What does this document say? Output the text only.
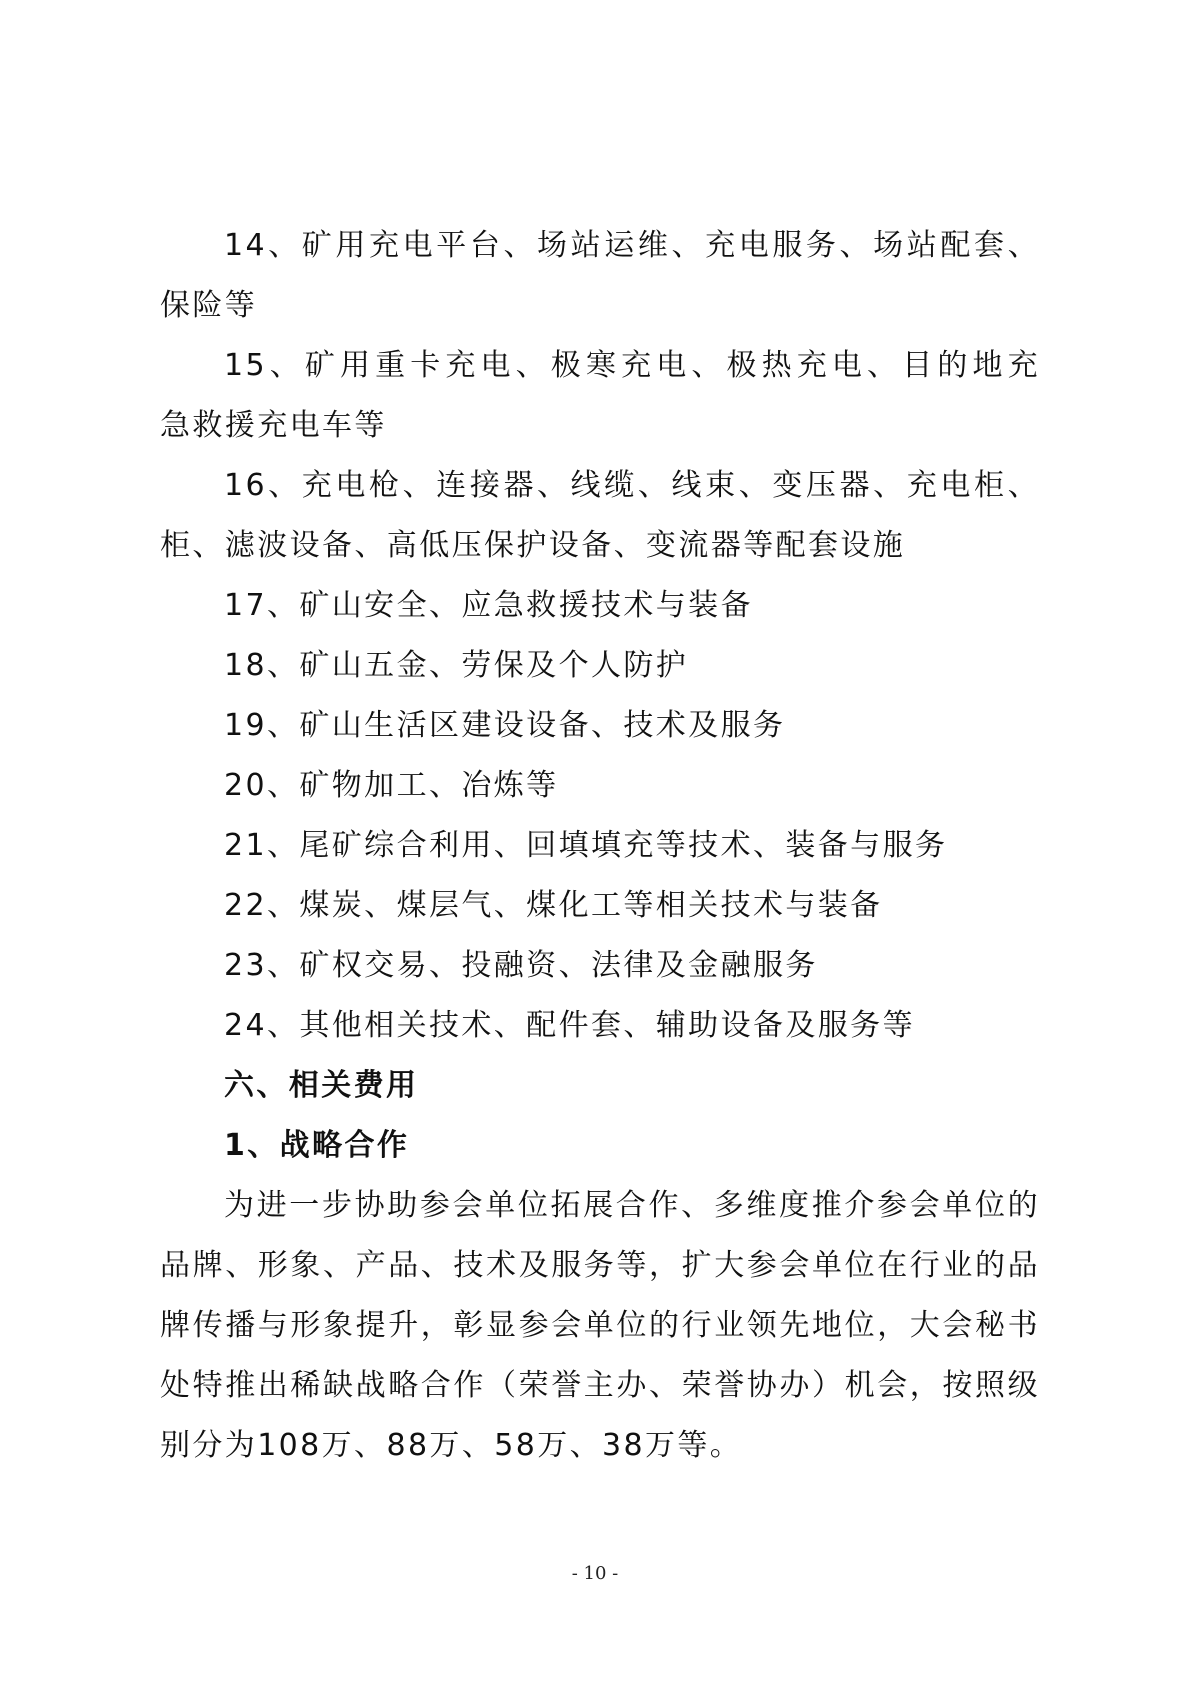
14、矿用充电平台、场站运维、充电服务、场站配套、
保险等
15、矿用重卡充电、极寒充电、极热充电、目的地充
急救援充电车等
16、充电枪、连接器、线缆、线束、变压器、充电柜、
柜、滤波设备、高低压保护设备、变流器等配套设施
17、矿山安全、应急救援技术与装备
18、矿山五金、劳保及个人防护
19、矿山生活区建设设备、技术及服务
20、矿物加工、冶炼等
21、尾矿综合利用、回填填充等技术、装备与服务
22、煤炭、煤层气、煤化工等相关技术与装备
23、矿权交易、投融资、法律及金融服务
24、其他相关技术、配件套、辅助设备及服务等
六、相关费用
1、战略合作
为进一步协助参会单位拓展合作、多维度推介参会单位的品牌、形象、产品、技术及服务等，扩大参会单位在行业的品牌传播与形象提升，彰显参会单位的行业领先地位，大会秘书处特推出稀缺战略合作（荣誉主办、荣誉协办）机会，按照级别分为108万、88万、58万、38万等。
- 10 -
